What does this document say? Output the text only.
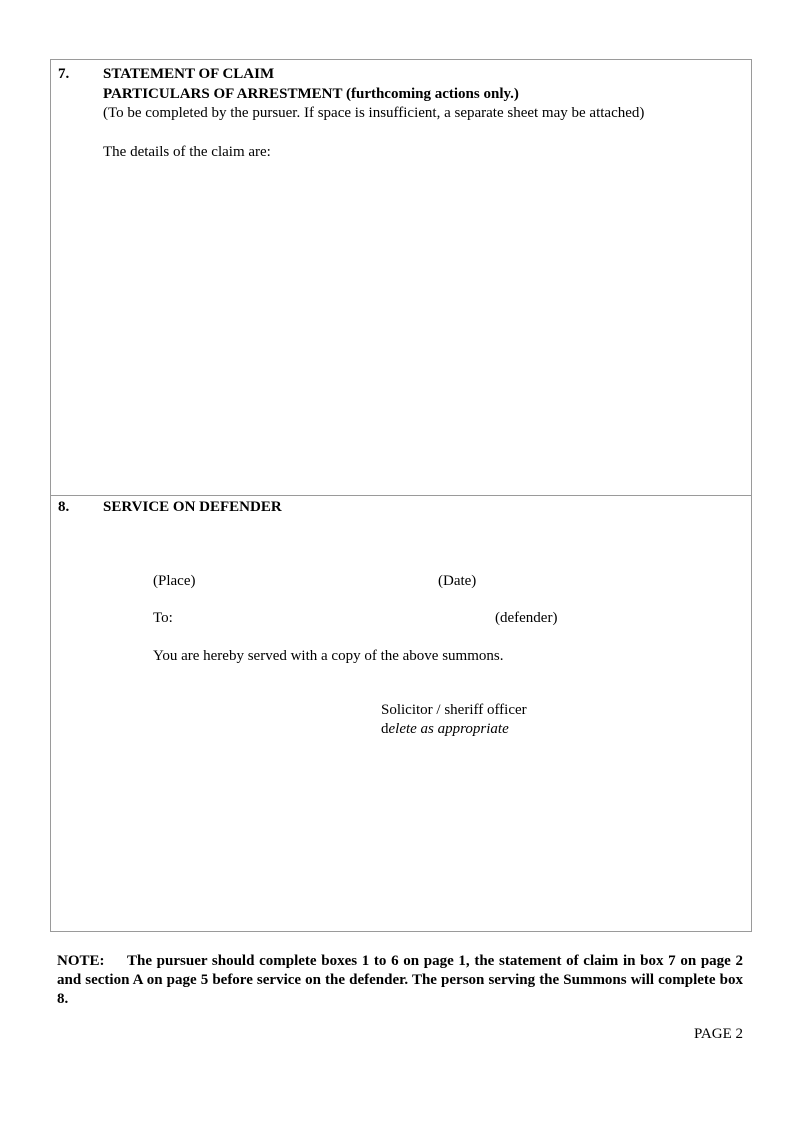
7. STATEMENT OF CLAIM
PARTICULARS OF ARRESTMENT (furthcoming actions only.)
(To be completed by the pursuer. If space is insufficient, a separate sheet may be attached)
The details of the claim are:
8. SERVICE ON DEFENDER
(Place)	(Date)
To:	(defender)
You are hereby served with a copy of the above summons.
Solicitor / sheriff officer
delete as appropriate
NOTE: The pursuer should complete boxes 1 to 6 on page 1, the statement of claim in box 7 on page 2 and section A on page 5 before service on the defender. The person serving the Summons will complete box 8.
PAGE 2
